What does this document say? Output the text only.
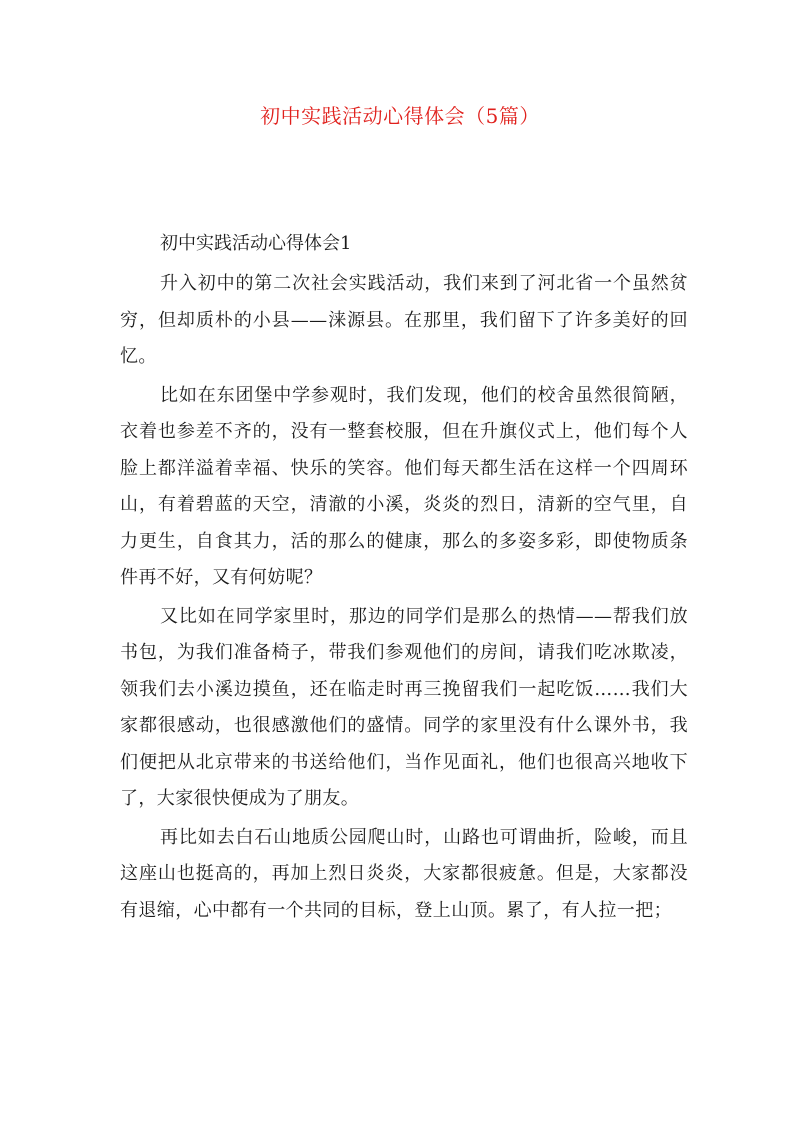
初中实践活动心得体会（5篇）

初中实践活动心得体会1

升入初中的第二次社会实践活动，我们来到了河北省一个虽然贫穷，但却质朴的小县——涞源县。在那里，我们留下了许多美好的回忆。

比如在东团堡中学参观时，我们发现，他们的校舍虽然很简陋，衣着也参差不齐的，没有一整套校服，但在升旗仪式上，他们每个人脸上都洋溢着幸福、快乐的笑容。他们每天都生活在这样一个四周环山，有着碧蓝的天空，清澈的小溪，炎炎的烈日，清新的空气里，自力更生，自食其力，活的那么的健康，那么的多姿多彩，即使物质条件再不好，又有何妨呢？

又比如在同学家里时，那边的同学们是那么的热情——帮我们放书包，为我们准备椅子，带我们参观他们的房间，请我们吃冰欺凌，领我们去小溪边摸鱼，还在临走时再三挽留我们一起吃饭……我们大家都很感动，也很感激他们的盛情。同学的家里没有什么课外书，我们便把从北京带来的书送给他们，当作见面礼，他们也很高兴地收下了，大家很快便成为了朋友。

再比如去白石山地质公园爬山时，山路也可谓曲折，险峻，而且这座山也挺高的，再加上烈日炎炎，大家都很疲惫。但是，大家都没有退缩，心中都有一个共同的目标，登上山顶。累了，有人拉一把；
